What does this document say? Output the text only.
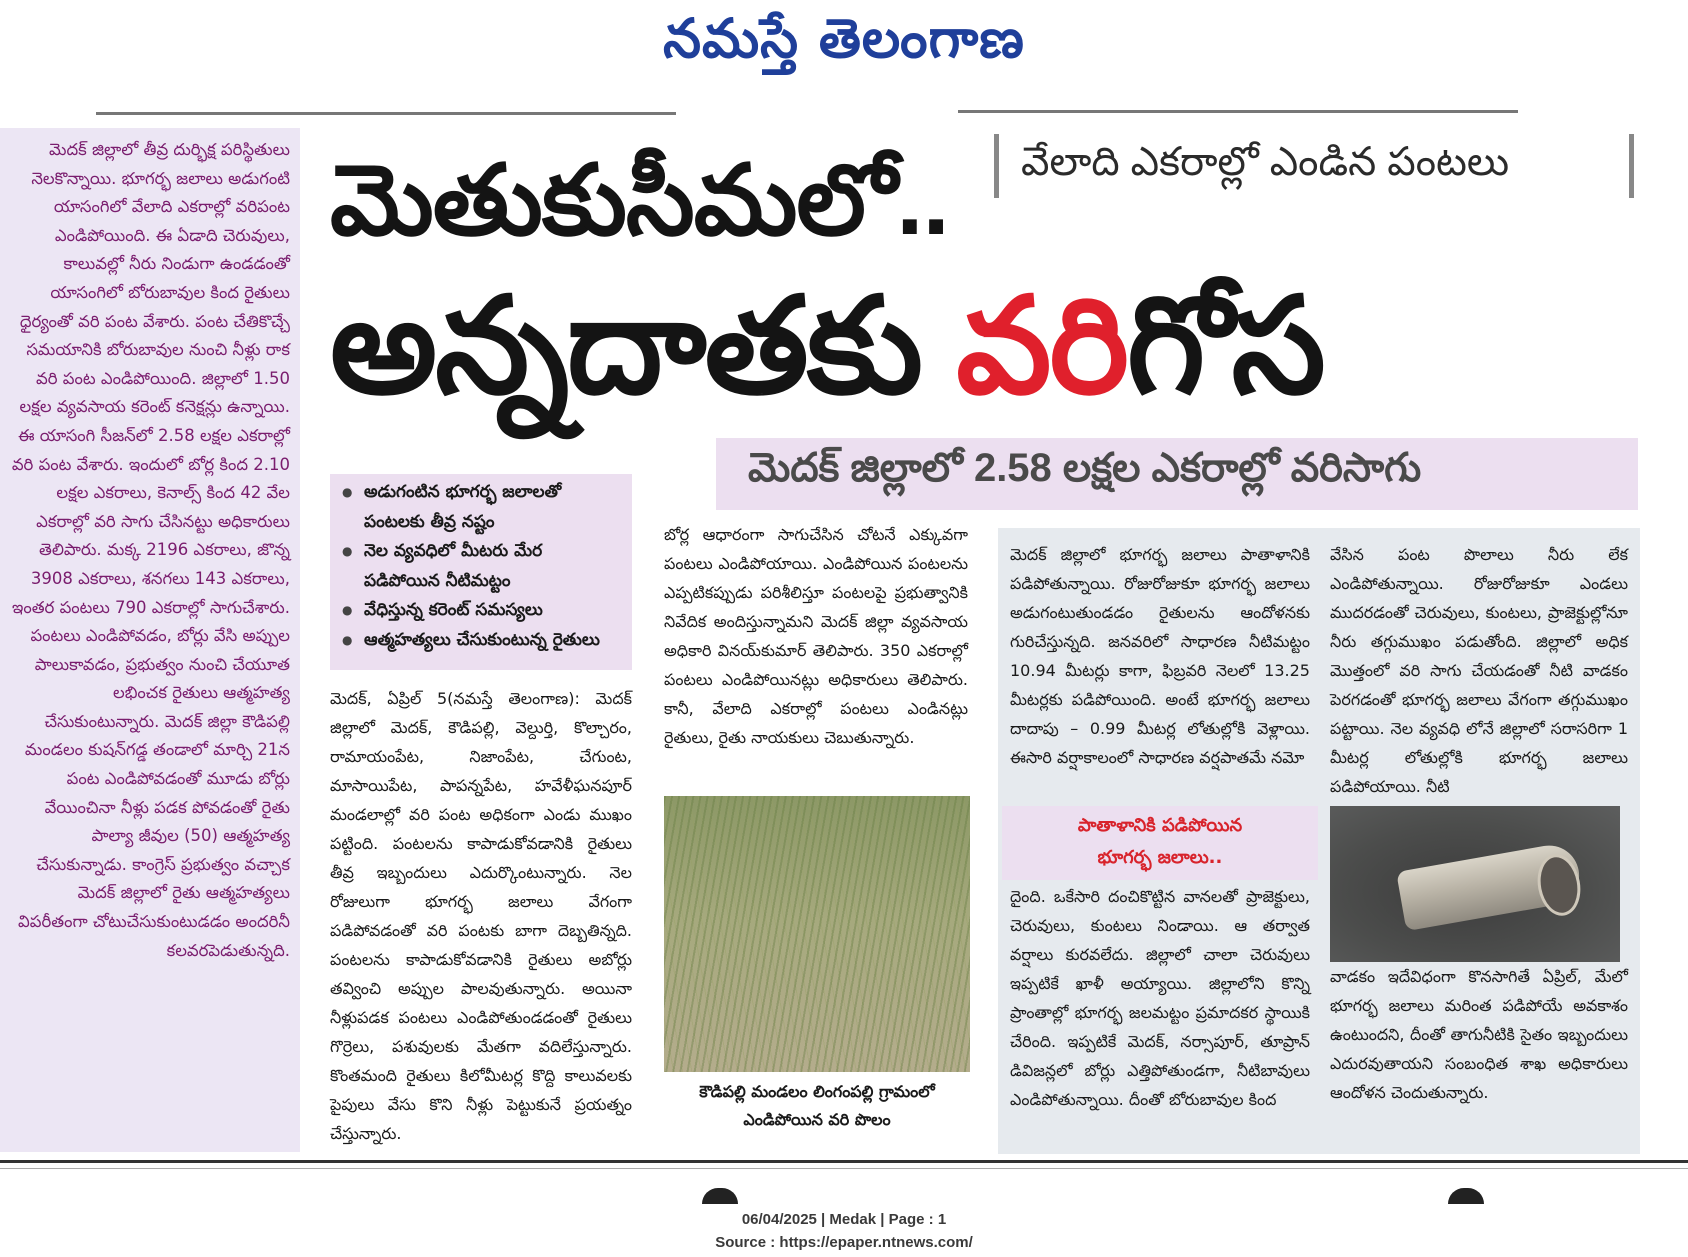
నమస్తే తెలంగాణ

మెదక్ జిల్లాలో తీవ్ర దుర్భిక్ష పరిస్థితులు నెలకొన్నాయి. భూగర్భ జలాలు అడుగంటి యాసంగిలో వేలాది ఎకరాల్లో వరిపంట ఎండిపోయింది. ఈ ఏడాది చెరువులు, కాలువల్లో నీరు నిండుగా ఉండడంతో యాసంగిలో బోరుబావుల కింద రైతులు ధైర్యంతో వరి పంట వేశారు. పంట చేతికొచ్చే సమయానికి బోరుబావుల నుంచి నీళ్లు రాక వరి పంట ఎండిపోయింది. జిల్లాలో 1.50 లక్షల వ్యవసాయ కరెంట్ కనెక్షన్లు ఉన్నాయి. ఈ యాసంగి సీజన్‌లో 2.58 లక్షల ఎకరాల్లో వరి పంట వేశారు. ఇందులో బోర్ల కింద 2.10 లక్షల ఎకరాలు, కెనాల్స్ కింద 42 వేల ఎకరాల్లో వరి సాగు చేసినట్టు అధికారులు తెలిపారు. మక్క 2196 ఎకరాలు, జొన్న 3908 ఎకరాలు, శనగలు 143 ఎకరాలు, ఇంతర పంటలు 790 ఎకరాల్లో సాగుచేశారు. పంటలు ఎండిపోవడం, బోర్లు వేసి అప్పుల పాలుకావడం, ప్రభుత్వం నుంచి చేయూత లభించక రైతులు ఆత్మహత్య చేసుకుంటున్నారు. మెదక్ జిల్లా కౌడిపల్లి మండలం కుషన్‌గడ్డ తండాలో మార్చి 21న పంట ఎండిపోవడంతో మూడు బోర్లు వేయించినా నీళ్లు పడక పోవడంతో రైతు పాల్యా జీవుల (50) ఆత్మహత్య చేసుకున్నాడు. కాంగ్రెస్ ప్రభుత్వం వచ్చాక మెదక్ జిల్లాలో రైతు ఆత్మహత్యలు విపరీతంగా చోటుచేసుకుంటుడడం అందరినీ కలవరపెడుతున్నది.

వేలాది ఎకరాల్లో ఎండిన పంటలు
మెతుకుసీమలో..
అన్నదాతకు వరిగోస
మెదక్ జిల్లాలో 2.58 లక్షల ఎకరాల్లో వరిసాగు
● అడుగంటిన భూగర్భ జలాలతో పంటలకు తీవ్ర నష్టం
● నెల వ్యవధిలో మీటరు మేర పడిపోయిన నీటిమట్టం
● వేధిస్తున్న కరెంట్ సమస్యలు
● ఆత్మహత్యలు చేసుకుంటున్న రైతులు
మెదక్, ఏప్రిల్ 5(నమస్తే తెలంగాణ): మెదక్ జిల్లాలో మెదక్, కౌడిపల్లి, వెల్దుర్తి, కొల్చారం, రామాయంపేట, నిజాంపేట, చేగుంట, మాసాయిపేట, పాపన్నపేట, హవేళీఘనపూర్ మండలాల్లో వరి పంట అధికంగా ఎండు ముఖం పట్టింది. పంటలను కాపాడుకోవడానికి రైతులు తీవ్ర ఇబ్బందులు ఎదుర్కొంటున్నారు. నెల రోజులుగా భూగర్భ జలాలు వేగంగా పడిపోవడంతో వరి పంటకు బాగా దెబ్బతిన్నది. పంటలను కాపాడుకోవడానికి రైతులు అబోర్లు తవ్వించి అప్పుల పాలవుతున్నారు. అయినా నీళ్లుపడక పంటలు ఎండిపోతుండడంతో రైతులు గొర్రెలు, పశువులకు మేతగా వదిలేస్తున్నారు. కొంతమంది రైతులు కిలోమీటర్ల కొద్ది కాలువలకు పైపులు వేసు కొని నీళ్లు పెట్టుకునే ప్రయత్నం చేస్తున్నారు.
బోర్ల ఆధారంగా సాగుచేసిన చోటనే ఎక్కువగా పంటలు ఎండిపోయాయి. ఎండిపోయిన పంటలను ఎప్పటికప్పుడు పరిశీలిస్తూ పంటలపై ప్రభుత్వానికి నివేదిక అందిస్తున్నామని మెదక్ జిల్లా వ్యవసాయ అధికారి వినయ్‌కుమార్ తెలిపారు. 350 ఎకరాల్లో పంటలు ఎండిపోయినట్లు అధికారులు తెలిపారు. కానీ, వేలాది ఎకరాల్లో పంటలు ఎండినట్లు రైతులు, రైతు నాయకులు చెబుతున్నారు.
కౌడిపల్లి మండలం లింగంపల్లి గ్రామంలో ఎండిపోయిన వరి పొలం
మెదక్ జిల్లాలో భూగర్భ జలాలు పాతాళానికి పడిపోతున్నాయి. రోజురోజుకూ భూగర్భ జలాలు అడుగంటుతుండడం రైతులను ఆందోళనకు గురిచేస్తున్నది. జనవరిలో సాధారణ నీటిమట్టం 10.94 మీటర్లు కాగా, ఫిబ్రవరి నెలలో 13.25 మీటర్లకు పడిపోయింది. అంటే భూగర్భ జలాలు దాదాపు – 0.99 మీటర్ల లోతుల్లోకి వెళ్లాయి. ఈసారి వర్షాకాలంలో సాధారణ వర్షపాతమే నమో
వేసిన పంట పొలాలు నీరు లేక ఎండిపోతున్నాయి. రోజురోజుకూ ఎండలు ముదరడంతో చెరువులు, కుంటలు, ప్రాజెక్టుల్లోనూ నీరు తగ్గుముఖం పడుతోంది. జిల్లాలో అధిక మొత్తంలో వరి సాగు చేయడంతో నీటి వాడకం పెరగడంతో భూగర్భ జలాలు వేగంగా తగ్గుముఖం పట్టాయి. నెల వ్యవధి లోనే జిల్లాలో సరాసరిగా 1 మీటర్ల లోతుల్లోకి భూగర్భ జలాలు పడిపోయాయి. నీటి
పాతాళానికి పడిపోయిన
భూగర్భ జలాలు..
దైంది. ఒకేసారి దంచికొట్టిన వానలతో ప్రాజెక్టులు, చెరువులు, కుంటలు నిండాయి. ఆ తర్వాత వర్షాలు కురవలేదు. జిల్లాలో చాలా చెరువులు ఇప్పటికే ఖాళీ అయ్యాయి. జిల్లాలోని కొన్ని ప్రాంతాల్లో భూగర్భ జలమట్టం ప్రమాదకర స్థాయికి చేరింది. ఇప్పటికే మెదక్, నర్సాపూర్, తూప్రాన్ డివిజన్లలో బోర్లు ఎత్తిపోతుండగా, నీటిబావులు ఎండిపోతున్నాయి. దీంతో బోరుబావుల కింద
వాడకం ఇదేవిధంగా కొనసాగితే ఏప్రిల్, మేలో భూగర్భ జలాలు మరింత పడిపోయే అవకాశం ఉంటుందని, దీంతో తాగునీటికి సైతం ఇబ్బందులు ఎదురవుతాయని సంబంధిత శాఖ అధికారులు ఆందోళన చెందుతున్నారు.
06/04/2025 | Medak | Page : 1
Source : https://epaper.ntnews.com/
